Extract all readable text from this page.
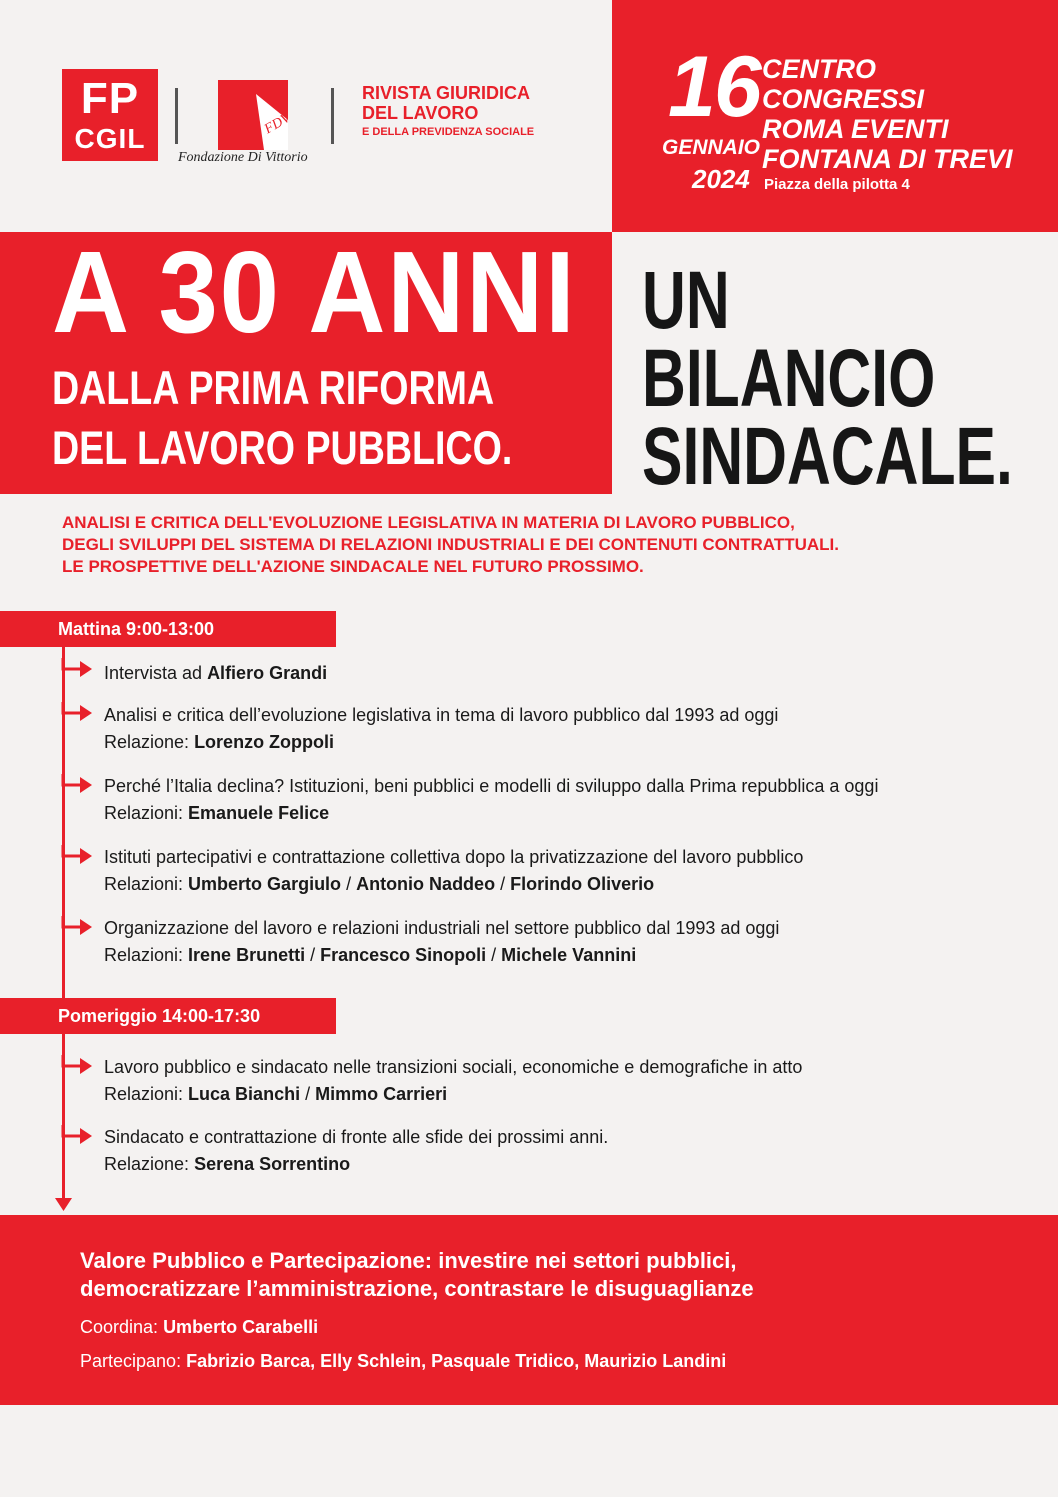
FP
CGIL	FDV
Fondazione Di Vittorio
RIVISTA GIURIDICA
DEL LAVORO
E DELLA PREVIDENZA SOCIALE 16
GENNAIO
2024
CENTRO
CONGRESSI
ROMA EVENTI
FONTANA DI TREVI
Piazza della pilotta 4
A 30 ANNI
DALLA PRIMA RIFORMA
DEL LAVORO PUBBLICO.
UN
BILANCIO
SINDACALE.
ANALISI E CRITICA DELL'EVOLUZIONE LEGISLATIVA IN MATERIA DI LAVORO PUBBLICO,
DEGLI SVILUPPI DEL SISTEMA DI RELAZIONI INDUSTRIALI E DEI CONTENUTI CONTRATTUALI.
LE PROSPETTIVE DELL'AZIONE SINDACALE NEL FUTURO PROSSIMO.
Mattina 9:00-13:00
Intervista ad Alfiero Grandi
Analisi e critica dell’evoluzione legislativa in tema di lavoro pubblico dal 1993 ad oggi
Relazione: Lorenzo Zoppoli
Perché l’Italia declina? Istituzioni, beni pubblici e modelli di sviluppo dalla Prima repubblica a oggi
Relazioni: Emanuele Felice
Istituti partecipativi e contrattazione collettiva dopo la privatizzazione del lavoro pubblico
Relazioni: Umberto Gargiulo / Antonio Naddeo / Florindo Oliverio
Organizzazione del lavoro e relazioni industriali nel settore pubblico dal 1993 ad oggi
Relazioni: Irene Brunetti / Francesco Sinopoli / Michele Vannini
Pomeriggio 14:00-17:30
Lavoro pubblico e sindacato nelle transizioni sociali, economiche e demografiche in atto
Relazioni: Luca Bianchi / Mimmo Carrieri
Sindacato e contrattazione di fronte alle sfide dei prossimi anni.
Relazione: Serena Sorrentino
Valore Pubblico e Partecipazione: investire nei settori pubblici,
democratizzare l’amministrazione, contrastare le disuguaglianze
Coordina: Umberto Carabelli
Partecipano: Fabrizio Barca, Elly Schlein, Pasquale Tridico, Maurizio Landini
